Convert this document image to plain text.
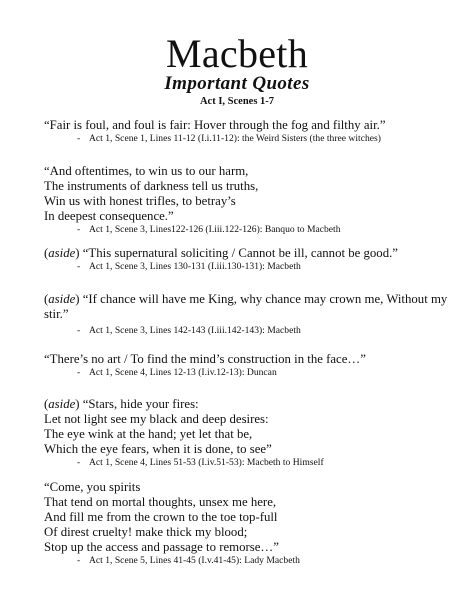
Macbeth
Important Quotes
Act I, Scenes 1-7
“Fair is foul, and foul is fair: Hover through the fog and filthy air.”
- Act 1, Scene 1, Lines 11-12 (I.i.11-12): the Weird Sisters (the three witches)
“And oftentimes, to win us to our harm,
The instruments of darkness tell us truths,
Win us with honest trifles, to betray’s
In deepest consequence.”
- Act 1, Scene 3, Lines122-126 (I.iii.122-126): Banquo to Macbeth
(aside) “This supernatural soliciting / Cannot be ill, cannot be good.”
- Act 1, Scene 3, Lines 130-131 (I.iii.130-131): Macbeth
(aside) “If chance will have me King, why chance may crown me, Without my stir.”
- Act 1, Scene 3, Lines 142-143 (I.iii.142-143): Macbeth
“There’s no art / To find the mind’s construction in the face…”
- Act 1, Scene 4, Lines 12-13 (I.iv.12-13): Duncan
(aside) “Stars, hide your fires:
Let not light see my black and deep desires:
The eye wink at the hand; yet let that be,
Which the eye fears, when it is done, to see”
- Act 1, Scene 4, Lines 51-53 (I.iv.51-53): Macbeth to Himself
“Come, you spirits
That tend on mortal thoughts, unsex me here,
And fill me from the crown to the toe top-full
Of direst cruelty! make thick my blood;
Stop up the access and passage to remorse…”
- Act 1, Scene 5, Lines 41-45 (I.v.41-45): Lady Macbeth
